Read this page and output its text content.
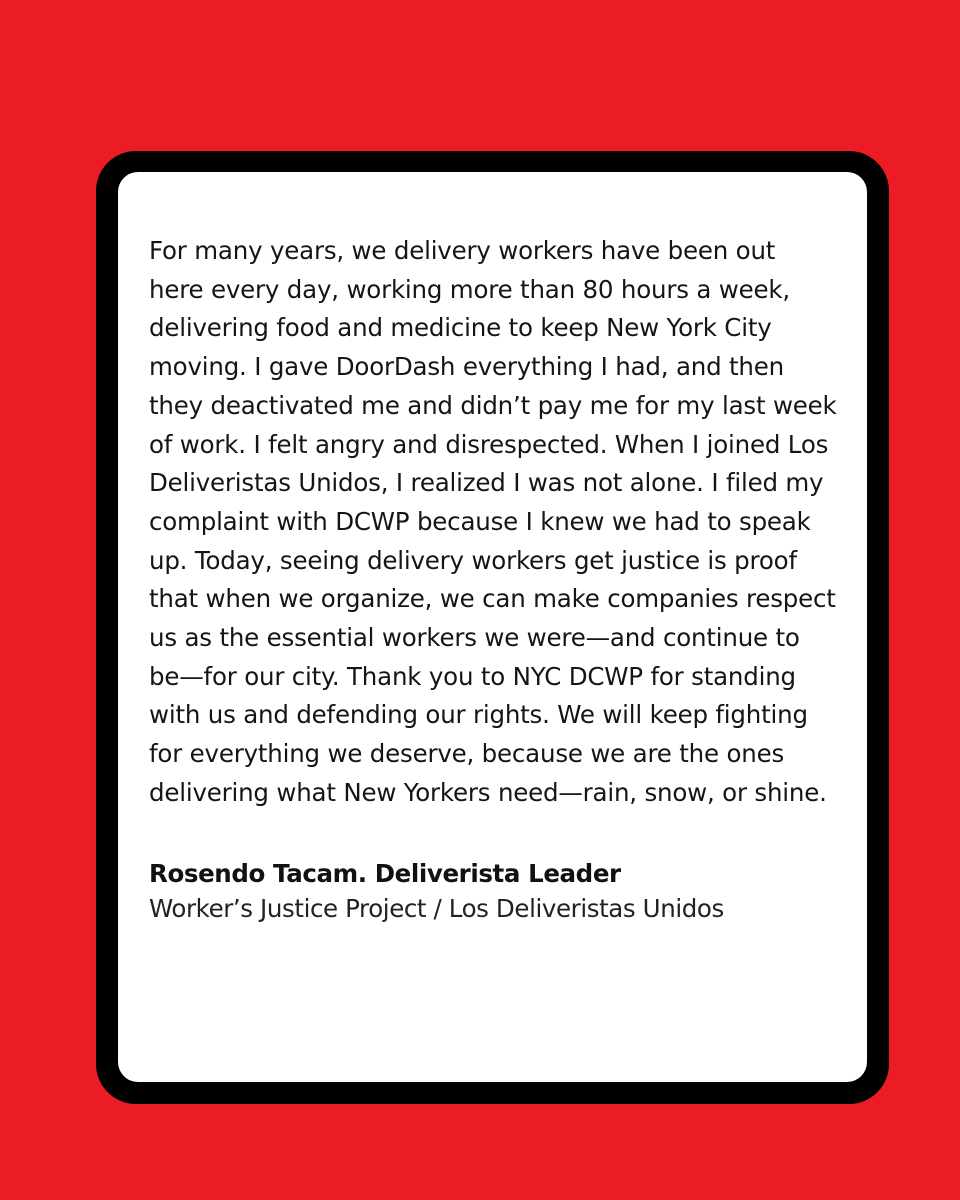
For many years, we delivery workers have been out here every day, working more than 80 hours a week, delivering food and medicine to keep New York City moving. I gave DoorDash everything I had, and then they deactivated me and didn’t pay me for my last week of work. I felt angry and disrespected. When I joined Los Deliveristas Unidos, I realized I was not alone. I filed my complaint with DCWP because I knew we had to speak up. Today, seeing delivery workers get justice is proof that when we organize, we can make companies respect us as the essential workers we were—and continue to be—for our city. Thank you to NYC DCWP for standing with us and defending our rights. We will keep fighting for everything we deserve, because we are the ones delivering what New Yorkers need—rain, snow, or shine.

Rosendo Tacam. Deliverista Leader
Worker’s Justice Project / Los Deliveristas Unidos
